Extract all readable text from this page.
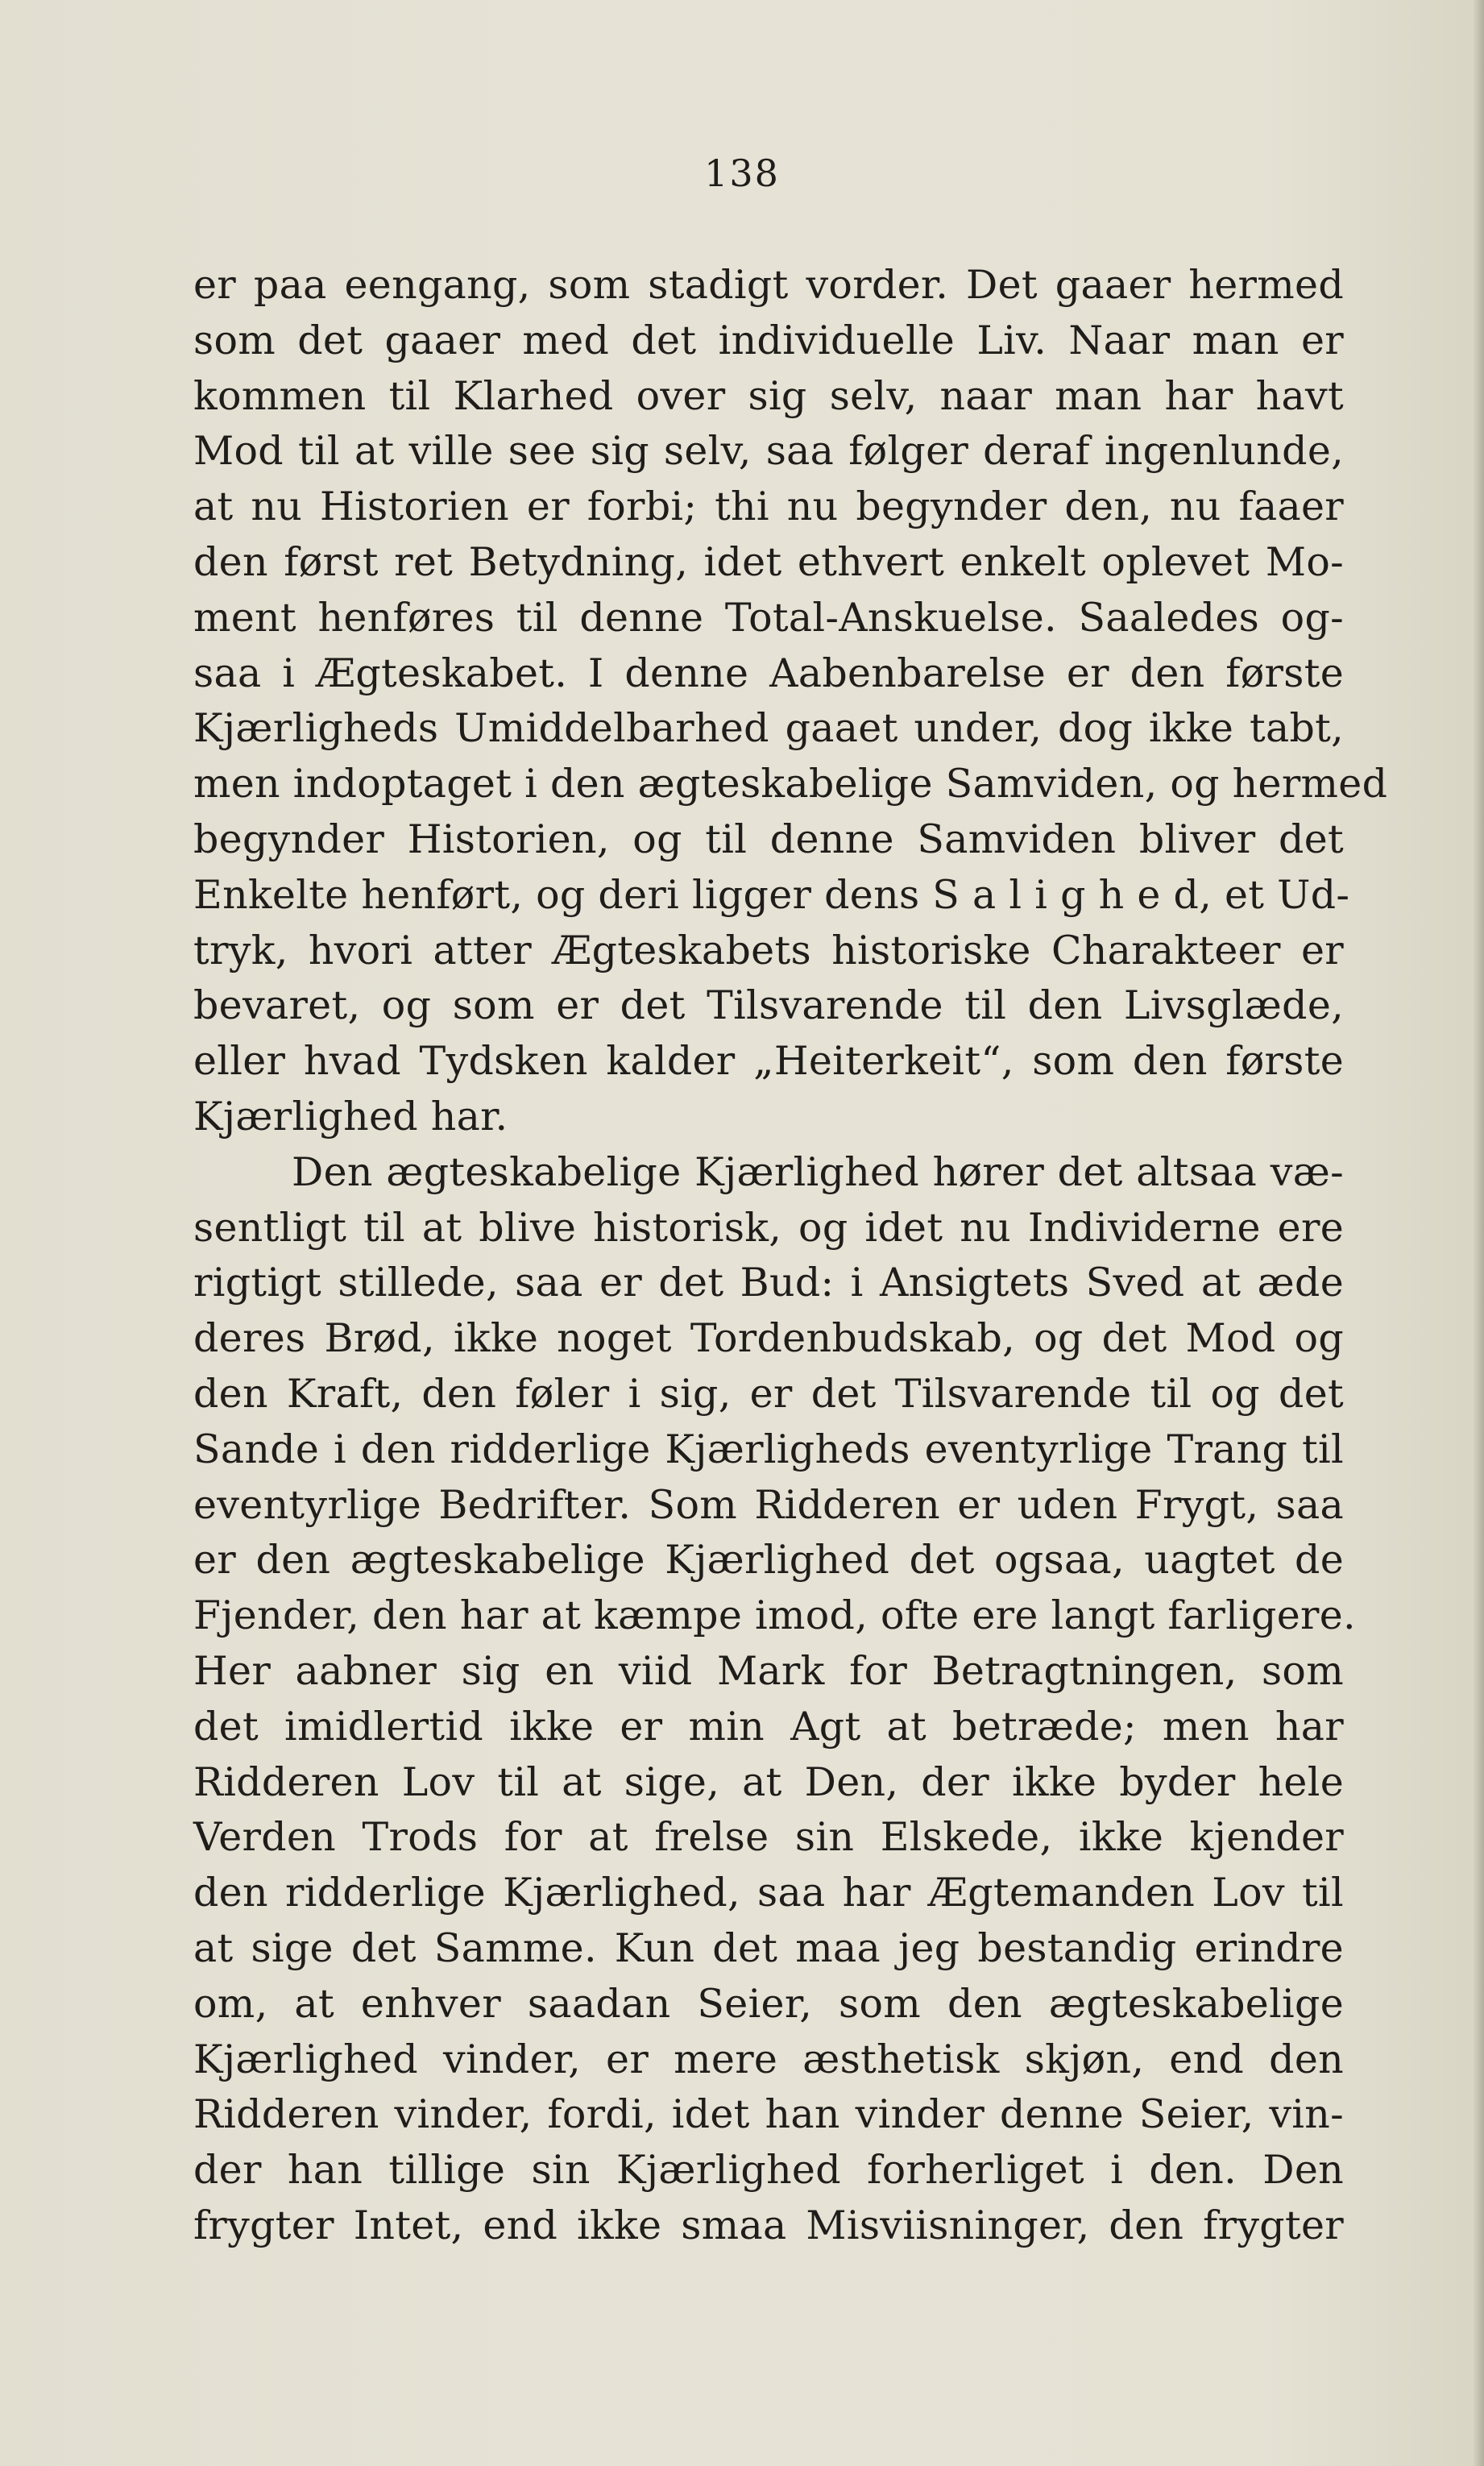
138
er paa eengang, som stadigt vorder. Det gaaer hermed
som det gaaer med det individuelle Liv. Naar man er
kommen til Klarhed over sig selv, naar man har havt
Mod til at ville see sig selv, saa følger deraf ingenlunde,
at nu Historien er forbi; thi nu begynder den, nu faaer
den først ret Betydning, idet ethvert enkelt oplevet Mo-
ment henføres til denne Total-Anskuelse. Saaledes og-
saa i Ægteskabet. I denne Aabenbarelse er den første
Kjærligheds Umiddelbarhed gaaet under, dog ikke tabt,
men indoptaget i den ægteskabelige Samviden, og hermed
begynder Historien, og til denne Samviden bliver det
Enkelte henført, og deri ligger dens S a l i g h e d, et Ud-
tryk, hvori atter Ægteskabets historiske Charakteer er
bevaret, og som er det Tilsvarende til den Livsglæde,
eller hvad Tydsken kalder „Heiterkeit“, som den første
Kjærlighed har.
Den ægteskabelige Kjærlighed hører det altsaa væ-
sentligt til at blive historisk, og idet nu Individerne ere
rigtigt stillede, saa er det Bud: i Ansigtets Sved at æde
deres Brød, ikke noget Tordenbudskab, og det Mod og
den Kraft, den føler i sig, er det Tilsvarende til og det
Sande i den ridderlige Kjærligheds eventyrlige Trang til
eventyrlige Bedrifter. Som Ridderen er uden Frygt, saa
er den ægteskabelige Kjærlighed det ogsaa, uagtet de
Fjender, den har at kæmpe imod, ofte ere langt farligere.
Her aabner sig en viid Mark for Betragtningen, som
det imidlertid ikke er min Agt at betræde; men har
Ridderen Lov til at sige, at Den, der ikke byder hele
Verden Trods for at frelse sin Elskede, ikke kjender
den ridderlige Kjærlighed, saa har Ægtemanden Lov til
at sige det Samme. Kun det maa jeg bestandig erindre
om, at enhver saadan Seier, som den ægteskabelige
Kjærlighed vinder, er mere æsthetisk skjøn, end den
Ridderen vinder, fordi, idet han vinder denne Seier, vin-
der han tillige sin Kjærlighed forherliget i den. Den
frygter Intet, end ikke smaa Misviisninger, den frygter
